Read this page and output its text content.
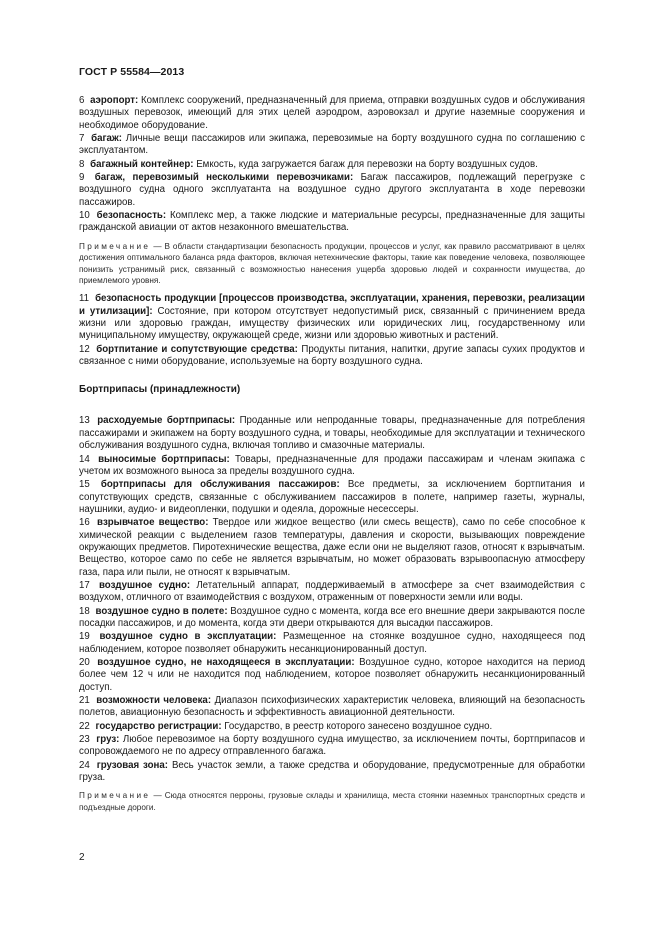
ГОСТ Р 55584—2013

6 аэропорт: Комплекс сооружений, предназначенный для приема, отправки воздушных судов и обслуживания воздушных перевозок, имеющий для этих целей аэродром, аэровокзал и другие наземные сооружения и необходимое оборудование.

7 багаж: Личные вещи пассажиров или экипажа, перевозимые на борту воздушного судна по соглашению с эксплуатантом.

8 багажный контейнер: Емкость, куда загружается багаж для перевозки на борту воздушных судов.

9 багаж, перевозимый несколькими перевозчиками: Багаж пассажиров, подлежащий перегрузке с воздушного судна одного эксплуатанта на воздушное судно другого эксплуатанта в ходе перевозки пассажиров.

10 безопасность: Комплекс мер, а также людские и материальные ресурсы, предназначенные для защиты гражданской авиации от актов незаконного вмешательства.

Примечание — В области стандартизации безопасность продукции, процессов и услуг, как правило рассматривают в целях достижения оптимального баланса ряда факторов, включая нетехнические факторы, такие как поведение человека, позволяющее понизить устранимый риск, связанный с возможностью нанесения ущерба здоровью людей и сохранности имущества, до приемлемого уровня.

11 безопасность продукции [процессов производства, эксплуатации, хранения, перевозки, реализации и утилизации]: Состояние, при котором отсутствует недопустимый риск, связанный с причинением вреда жизни или здоровью граждан, имуществу физических или юридических лиц, государственному или муниципальному имуществу, окружающей среде, жизни или здоровью животных и растений.

12 бортпитание и сопутствующие средства: Продукты питания, напитки, другие запасы сухих продуктов и связанное с ними оборудование, используемые на борту воздушного судна.

Бортприпасы (принадлежности)

13 расходуемые бортприпасы: Проданные или непроданные товары, предназначенные для потребления пассажирами и экипажем на борту воздушного судна, и товары, необходимые для эксплуатации и технического обслуживания воздушного судна, включая топливо и смазочные материалы.

14 выносимые бортприпасы: Товары, предназначенные для продажи пассажирам и членам экипажа с учетом их возможного выноса за пределы воздушного судна.

15 бортприпасы для обслуживания пассажиров: Все предметы, за исключением бортпитания и сопутствующих средств, связанные с обслуживанием пассажиров в полете, например газеты, журналы, наушники, аудио- и видеопленки, подушки и одеяла, дорожные несессеры.

16 взрывчатое вещество: Твердое или жидкое вещество (или смесь веществ), само по себе способное к химической реакции с выделением газов температуры, давления и скорости, вызывающих повреждение окружающих предметов. Пиротехнические вещества, даже если они не выделяют газов, относят к взрывчатым. Вещество, которое само по себе не является взрывчатым, но может образовать взрывоопасную атмосферу газа, пара или пыли, не относят к взрывчатым.

17 воздушное судно: Летательный аппарат, поддерживаемый в атмосфере за счет взаимодействия с воздухом, отличного от взаимодействия с воздухом, отраженным от поверхности земли или воды.

18 воздушное судно в полете: Воздушное судно с момента, когда все его внешние двери закрываются после посадки пассажиров, и до момента, когда эти двери открываются для высадки пассажиров.

19 воздушное судно в эксплуатации: Размещенное на стоянке воздушное судно, находящееся под наблюдением, которое позволяет обнаружить несанкционированный доступ.

20 воздушное судно, не находящееся в эксплуатации: Воздушное судно, которое находится на период более чем 12 ч или не находится под наблюдением, которое позволяет обнаружить несанкционированный доступ.

21 возможности человека: Диапазон психофизических характеристик человека, влияющий на безопасность полетов, авиационную безопасность и эффективность авиационной деятельности.

22 государство регистрации: Государство, в реестр которого занесено воздушное судно.

23 груз: Любое перевозимое на борту воздушного судна имущество, за исключением почты, бортприпасов и сопровождаемого не по адресу отправленного багажа.

24 грузовая зона: Весь участок земли, а также средства и оборудование, предусмотренные для обработки груза.

Примечание — Сюда относятся перроны, грузовые склады и хранилища, места стоянки наземных транспортных средств и подъездные дороги.

2
